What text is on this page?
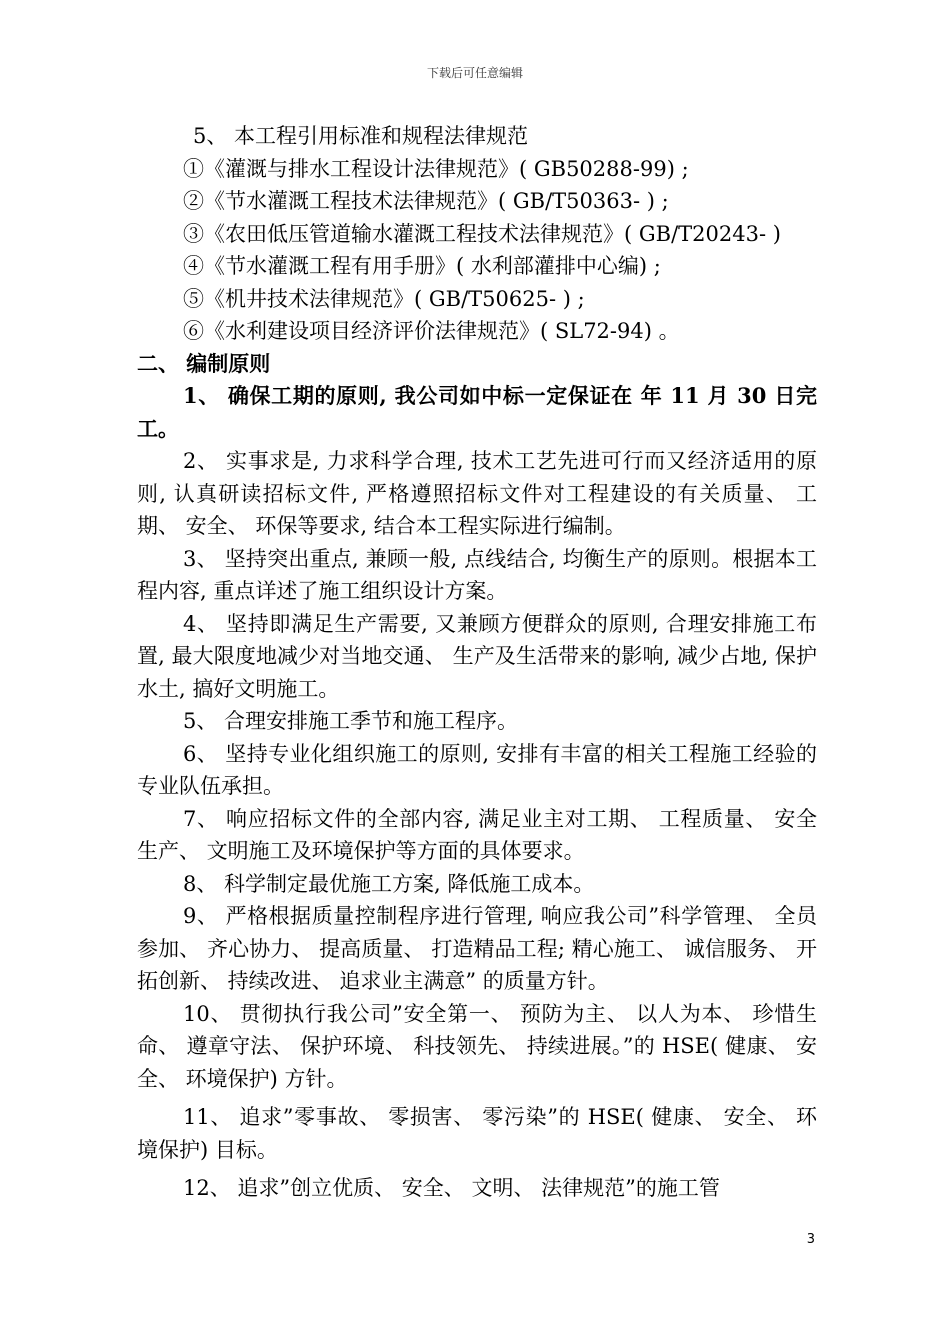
下载后可任意编辑

5、 本工程引用标准和规程法律规范

①《灌溉与排水工程设计法律规范》( GB50288-99) ;

②《节水灌溉工程技术法律规范》( GB/T50363- ) ;

③《农田低压管道输水灌溉工程技术法律规范》( GB/T20243- )

④《节水灌溉工程有用手册》( 水利部灌排中心编) ;

⑤《机井技术法律规范》( GB/T50625- ) ;

⑥《水利建设项目经济评价法律规范》( SL72-94) 。

二、 编制原则

1、 确保工期的原则, 我公司如中标一定保证在 年 11 月 30 日完工。

2、 实事求是, 力求科学合理, 技术工艺先进可行而又经济适用的原则, 认真研读招标文件, 严格遵照招标文件对工程建设的有关质量、 工期、 安全、 环保等要求, 结合本工程实际进行编制。

3、 坚持突出重点, 兼顾一般, 点线结合, 均衡生产的原则。根据本工程内容, 重点详述了施工组织设计方案。

4、 坚持即满足生产需要, 又兼顾方便群众的原则, 合理安排施工布置, 最大限度地减少对当地交通、 生产及生活带来的影响, 减少占地, 保护水土, 搞好文明施工。

5、 合理安排施工季节和施工程序。

6、 坚持专业化组织施工的原则, 安排有丰富的相关工程施工经验的专业队伍承担。

7、 响应招标文件的全部内容, 满足业主对工期、 工程质量、 安全生产、 文明施工及环境保护等方面的具体要求。

8、 科学制定最优施工方案, 降低施工成本。

9、 严格根据质量控制程序进行管理, 响应我公司”科学管理、 全员参加、 齐心协力、 提高质量、 打造精品工程; 精心施工、 诚信服务、 开拓创新、 持续改进、 追求业主满意” 的质量方针。

10、 贯彻执行我公司”安全第一、 预防为主、 以人为本、 珍惜生命、 遵章守法、 保护环境、 科技领先、 持续进展。”的 HSE( 健康、 安全、 环境保护) 方针。

11、 追求”零事故、 零损害、 零污染”的 HSE( 健康、 安全、 环境保护) 目标。

12、 追求”创立优质、 安全、 文明、 法律规范”的施工管

3
